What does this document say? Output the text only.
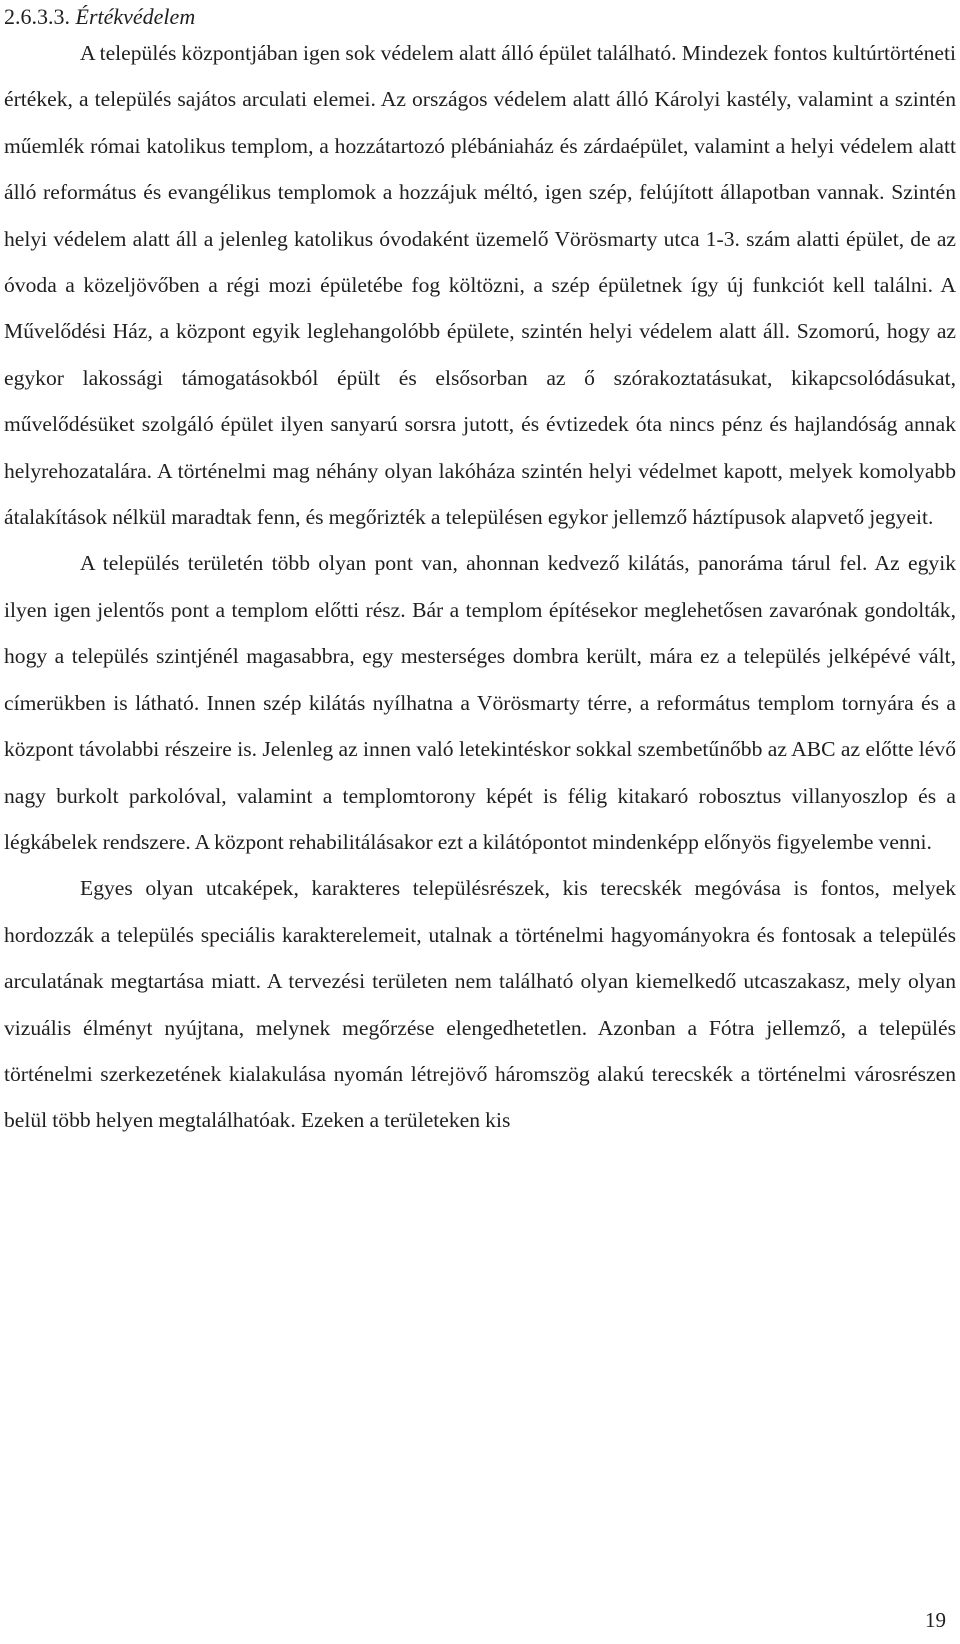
2.6.3.3. Értékvédelem

A település központjában igen sok védelem alatt álló épület található. Mindezek fontos kultúrtörténeti értékek, a település sajátos arculati elemei. Az országos védelem alatt álló Károlyi kastély, valamint a szintén műemlék római katolikus templom, a hozzátartozó plébániaház és zárdaépület, valamint a helyi védelem alatt álló református és evangélikus templomok a hozzájuk méltó, igen szép, felújított állapotban vannak. Szintén helyi védelem alatt áll a jelenleg katolikus óvodaként üzemelő Vörösmarty utca 1-3. szám alatti épület, de az óvoda a közeljövőben a régi mozi épületébe fog költözni, a szép épületnek így új funkciót kell találni. A Művelődési Ház, a központ egyik leglehangolóbb épülete, szintén helyi védelem alatt áll. Szomorú, hogy az egykor lakossági támogatásokból épült és elsősorban az ő szórakoztatásukat, kikapcsolódásukat, művelődésüket szolgáló épület ilyen sanyarú sorsra jutott, és évtizedek óta nincs pénz és hajlandóság annak helyrehozatalára. A történelmi mag néhány olyan lakóháza szintén helyi védelmet kapott, melyek komolyabb átalakítások nélkül maradtak fenn, és megőrizték a településen egykor jellemző háztípusok alapvető jegyeit.

A település területén több olyan pont van, ahonnan kedvező kilátás, panoráma tárul fel. Az egyik ilyen igen jelentős pont a templom előtti rész. Bár a templom építésekor meglehetősen zavarónak gondolták, hogy a település szintjénél magasabbra, egy mesterséges dombra került, mára ez a település jelképévé vált, címerükben is látható. Innen szép kilátás nyílhatna a Vörösmarty térre, a református templom tornyára és a központ távolabbi részeire is. Jelenleg az innen való letekintéskor sokkal szembetűnőbb az ABC az előtte lévő nagy burkolt parkolóval, valamint a templomtorony képét is félig kitakaró robosztus villanyoszlop és a légkábelek rendszere. A központ rehabilitálásakor ezt a kilátópontot mindenképp előnyös figyelembe venni.

Egyes olyan utcaképek, karakteres településrészek, kis terecskék megóvása is fontos, melyek hordozzák a település speciális karakterelemeit, utalnak a történelmi hagyományokra és fontosak a település arculatának megtartása miatt. A tervezési területen nem található olyan kiemelkedő utcaszakasz, mely olyan vizuális élményt nyújtana, melynek megőrzése elengedhetetlen. Azonban a Fótra jellemző, a település történelmi szerkezetének kialakulása nyomán létrejövő háromszög alakú terecskék a történelmi városrészen belül több helyen megtalálhatóak. Ezeken a területeken kis

19
